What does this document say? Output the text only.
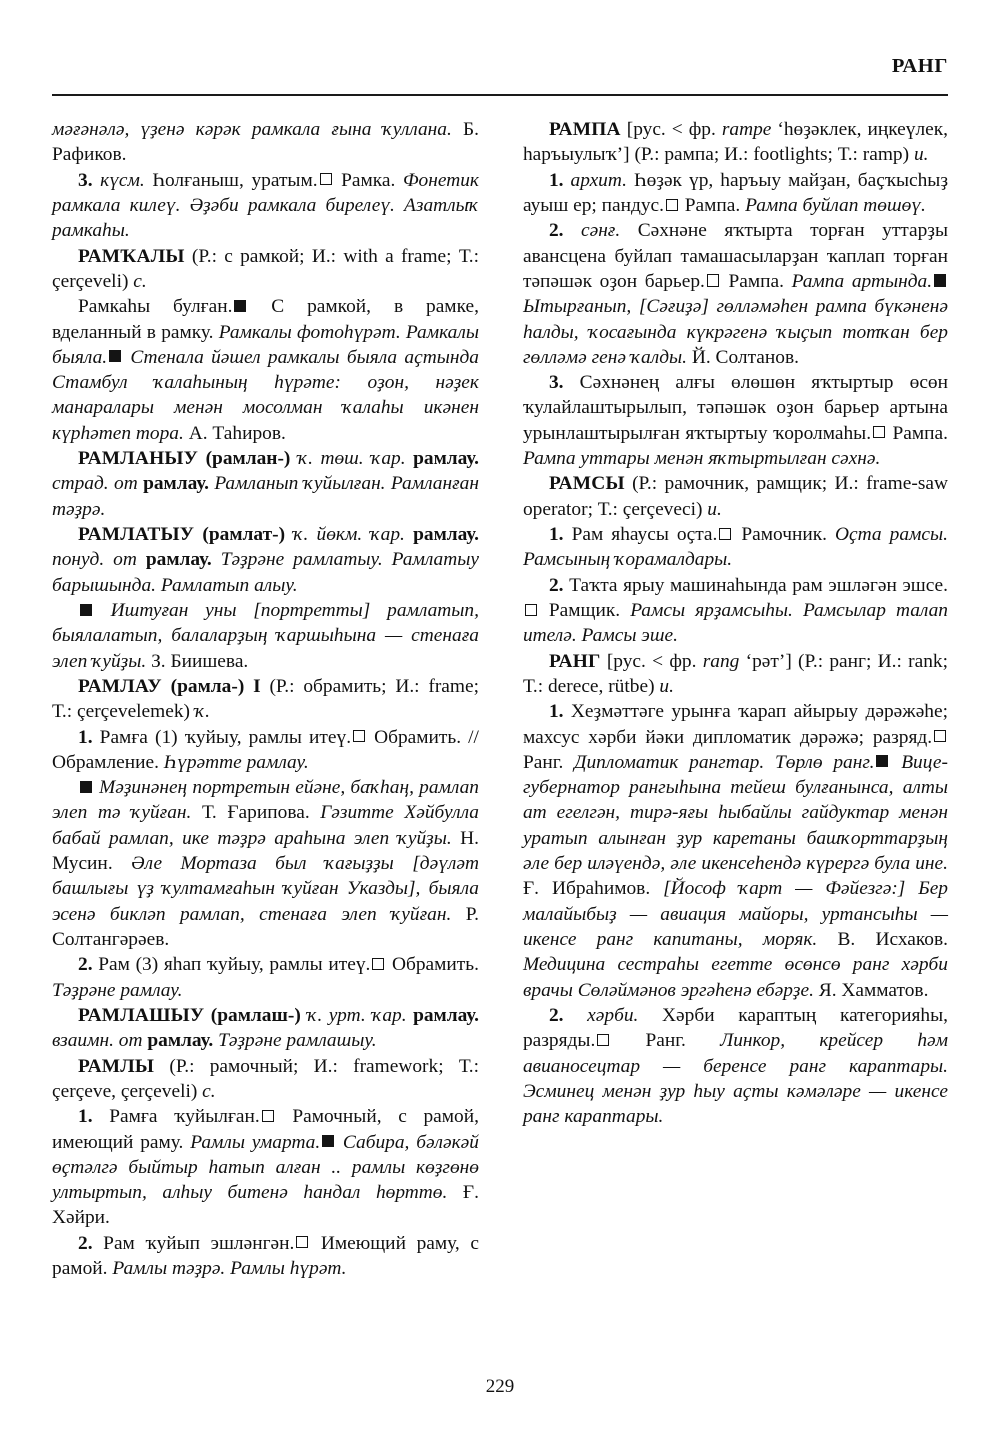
РАНГ

мәғәнәлә, үҙенә кәрәк рамкала ғына ҡуллана. Б. Рафиков.

3. күсм. Һолғаныш, уратым. Рамка. Фонетик рамкала килеү. Әҙәби рамкала бирелеү. Азатлыҡ рамкаһы.

РАМҠАЛЫ (Р.: с рамкой; И.: with a frame; Т.: çerçeveli) с.

Рамкаһы булған. С рамкой, в рамке, вделанный в рамку. Рамкалы фотоһүрәт. Рамкалы быяла. Стенала йәшел рамкалы быяла аҫтында Стамбул ҡалаһының һүрәте: оҙон, нәҙек манаралары менән мосолман ҡалаһы икәнен күрһәтеп тора. А. Таһиров.

РАМЛАНЫУ (рамлан-) ҡ. төш. ҡар. рамлау. страд. от рамлау. Рамланып ҡуйылған. Рамланған тәҙрә.

РАМЛАТЫУ (рамлат-) ҡ. йөкм. ҡар. рамлау. понуд. от рамлау. Тәҙрәне рамлатыу. Рамлатыу барышында. Рамлатып алыу.

Иштуған уны [портретты] рамлатып, быялалатып, балаларҙың ҡаршыһына — стенаға элеп ҡуйҙы. З. Биишева.

РАМЛАУ (рамла-) I (Р.: обрамить; И.: frame; Т.: çerçevelemek) ҡ.

1. Рамға (1) ҡуйыу, рамлы итеү. Обрамить. // Обрамление. Һүрәтте рамлау.

Мәҙинәнең портретын ейәне, баҡһаң, рамлап элеп тә ҡуйған. Т. Ғарипова. Гәзитте Хәйбулла бабай рамлап, ике тәҙрә араһына элеп ҡуйҙы. Н. Мусин. Әле Мортаза был ҡағыҙҙы [дәүләт башлығы үҙ ҡултамғаһын ҡуйған Указды], быяла эсенә бикләп рамлап, стенаға элеп ҡуйған. Р. Солтангәрәев.

2. Рам (3) яһап ҡуйыу, рамлы итеү. Обрамить. Тәҙрәне рамлау.

РАМЛАШЫУ (рамлаш-) ҡ. урт. ҡар. рамлау. взаимн. от рамлау. Тәҙрәне рамлашыу.

РАМЛЫ (Р.: рамочный; И.: framework; Т.: çerçeve, çerçeveli) с.

1. Рамға ҡуйылған. Рамочный, с рамой, имеющий раму. Рамлы умарта. Сабира, бәләкәй өҫтәлгә быйтыр һатып алған .. рамлы көҙгөнө ултыртып, алһыу битенә һандал һөрттө. Ғ. Хәйри.

2. Рам ҡуйып эшләнгән. Имеющий раму, с рамой. Рамлы тәҙрә. Рамлы һүрәт.

РАМПА [рус. < фр. rampe ‘һөҙәклек, иңкеүлек, һаръыулыҡ’] (Р.: рампа; И.: footlights; Т.: ramp) и.

1. архит. Һөҙәк үр, һаръыу майҙан, баҫҡысһыҙ ауыш ер; пандус. Рампа. Рампа буйлап төшөү.

2. сәнғ. Сәхнәне яҡтырта торған уттарҙы авансцена буйлап тамашасыларҙан ҡаплап торған тәпәшәк оҙон барьер. Рампа. Рампа артында. Ытырғанып, [Сәғиҙә] гөлләмәһен рампа бүкәненә һалды, ҡосағында күкрәгенә ҡыҫып тотҡан бер гөлләмә генә ҡалды. Й. Солтанов.

3. Сәхнәнең алғы өлөшөн яҡтыртыр өсөн ҡулайлаштырылып, тәпәшәк оҙон барьер артына урынлаштырылған яҡтыртыу ҡоролмаһы. Рампа. Рампа уттары менән яҡтыртылған сәхнә.

РАМСЫ (Р.: рамочник, рамщик; И.: frame-saw operator; Т.: çerçeveci) и.

1. Рам яһаусы оҫта. Рамочник. Оҫта рамсы. Рамсының ҡорамалдары.

2. Таҡта ярыу машинаһында рам эшләгән эшсе. Рамщик. Рамсы ярҙамсыһы. Рамсылар талап ителә. Рамсы эше.

РАНГ [рус. < фр. rang ‘рәт’] (Р.: ранг; И.: rank; Т.: derece, rütbe) и.

1. Хеҙмәттәге урынға ҡарап айырыу дәрәжәһе; махсус хәрби йәки дипломатик дәрәжә; разряд. Ранг. Дипломатик рангтар. Төрлө ранг. Вице-губернатор рангыһына тейеш булғанынса, алты ат егелгән, тирә-яғы һыбайлы гайдуктар менән уратып алынған ҙур каретаны башҡорттарҙың әле бер иләүендә, әле икенсеһендә күрергә була ине. Ғ. Ибраһимов. [Йософ ҡарт — Фәйезгә:] Бер малайыбыҙ — авиация майоры, уртансыһы — икенсе ранг капитаны, моряк. В. Исхаков. Медицина сестраһы егетте өсөнсө ранг хәрби врачы Сөләймәнов эргәһенә ебәрҙе. Я. Хамматов.

2. хәрби. Хәрби караптың категорияһы, разряды. Ранг. Линкор, крейсер һәм авианосецтар — беренсе ранг караптары. Эсминец менән ҙур һыу аҫты кәмәләре — икенсе ранг караптары.

229
